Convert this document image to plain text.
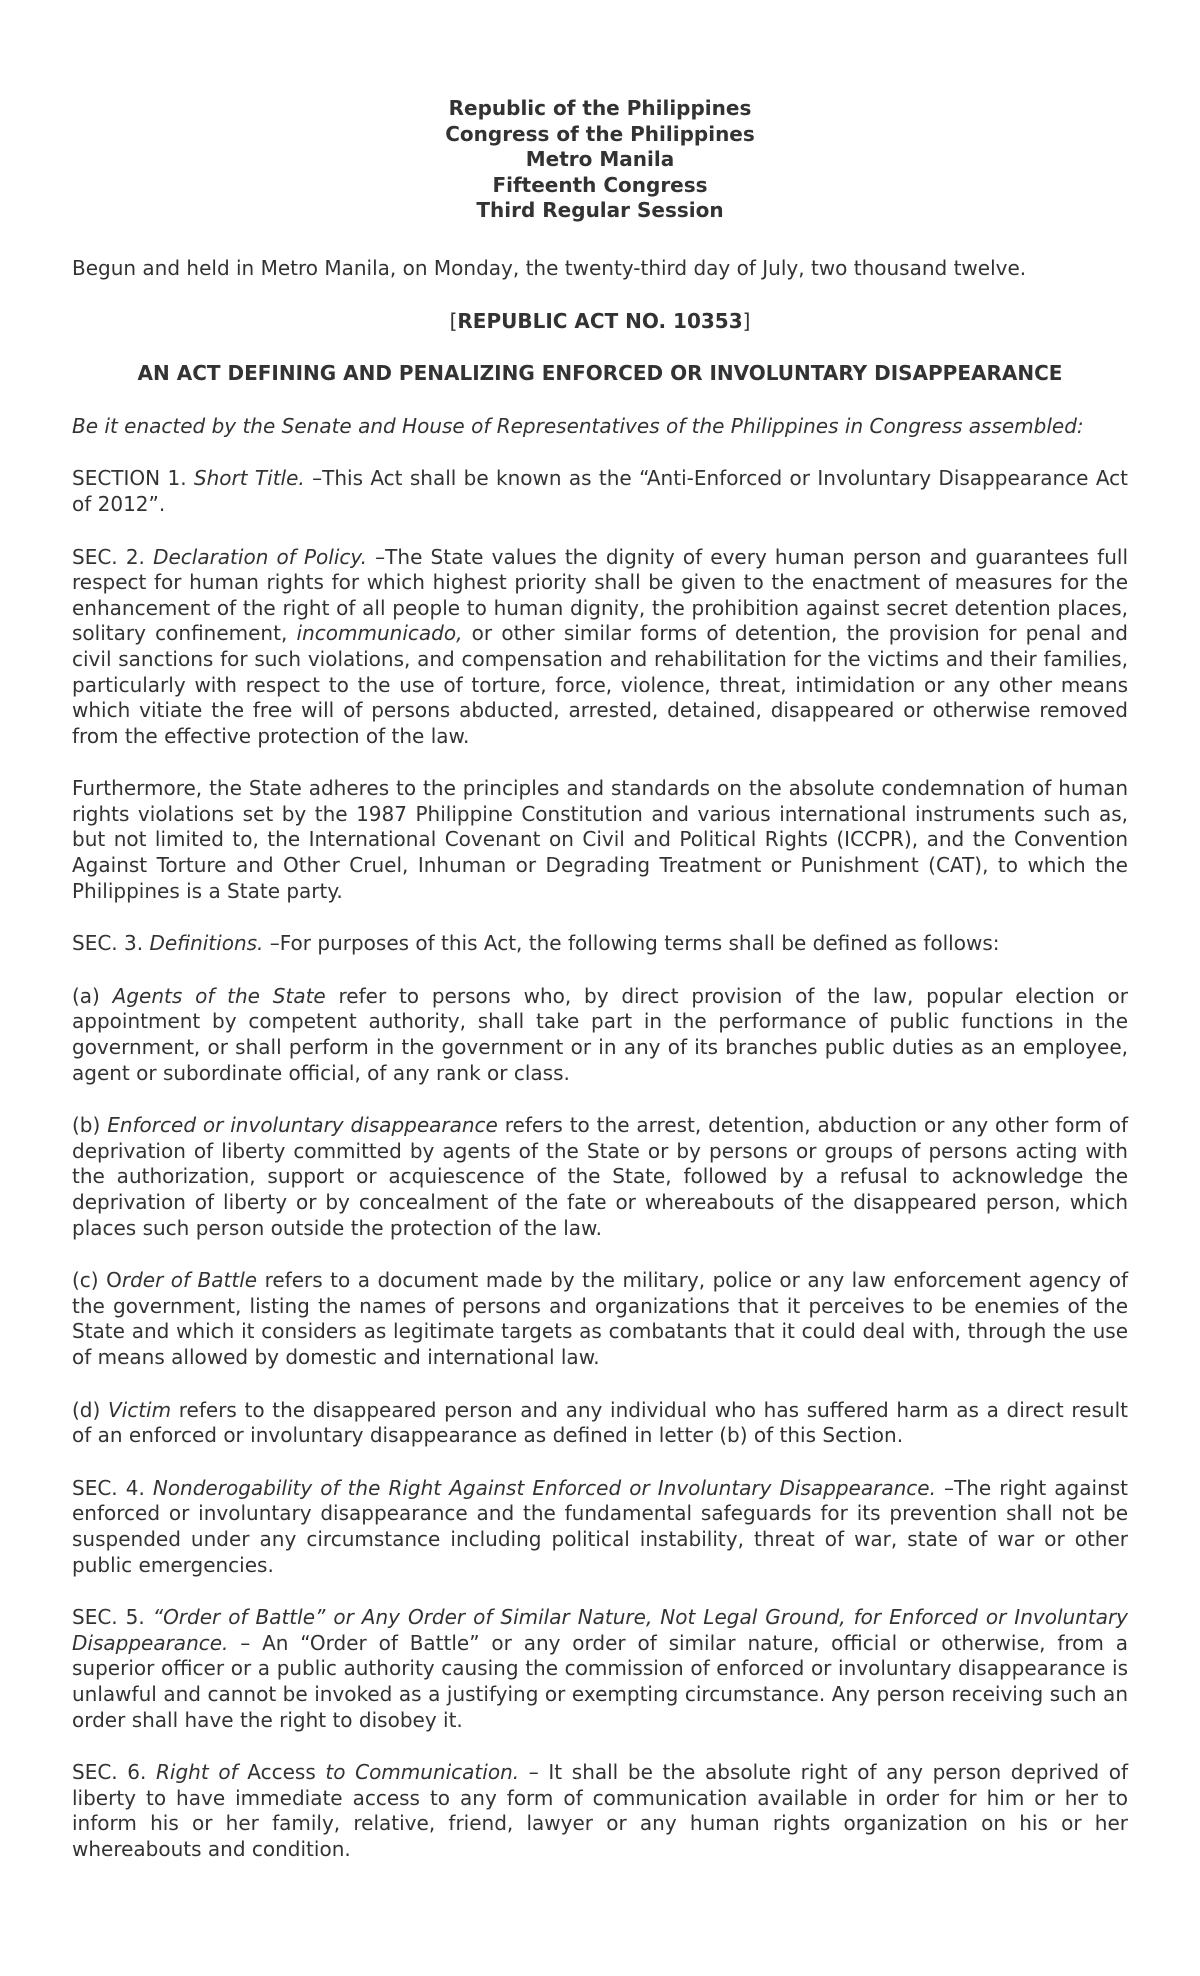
Republic of the Philippines
Congress of the Philippines
Metro Manila
Fifteenth Congress
Third Regular Session

Begun and held in Metro Manila, on Monday, the twenty-third day of July, two thousand twelve.

[REPUBLIC ACT NO. 10353]

AN ACT DEFINING AND PENALIZING ENFORCED OR INVOLUNTARY DISAPPEARANCE

Be it enacted by the Senate and House of Representatives of the Philippines in Congress assembled:

SECTION 1. Short Title. –This Act shall be known as the “Anti-Enforced or Involuntary Disappearance Act of 2012”.

SEC. 2. Declaration of Policy. –The State values the dignity of every human person and guarantees full respect for human rights for which highest priority shall be given to the enactment of measures for the enhancement of the right of all people to human dignity, the prohibition against secret detention places, solitary confinement, incommunicado, or other similar forms of detention, the provision for penal and civil sanctions for such violations, and compensation and rehabilitation for the victims and their families, particularly with respect to the use of torture, force, violence, threat, intimidation or any other means which vitiate the free will of persons abducted, arrested, detained, disappeared or otherwise removed from the effective protection of the law.

Furthermore, the State adheres to the principles and standards on the absolute condemnation of human rights violations set by the 1987 Philippine Constitution and various international instruments such as, but not limited to, the International Covenant on Civil and Political Rights (ICCPR), and the Convention Against Torture and Other Cruel, Inhuman or Degrading Treatment or Punishment (CAT), to which the Philippines is a State party.

SEC. 3. Definitions. –For purposes of this Act, the following terms shall be defined as follows:

(a) Agents of the State refer to persons who, by direct provision of the law, popular election or appointment by competent authority, shall take part in the performance of public functions in the government, or shall perform in the government or in any of its branches public duties as an employee, agent or subordinate official, of any rank or class.

(b) Enforced or involuntary disappearance refers to the arrest, detention, abduction or any other form of deprivation of liberty committed by agents of the State or by persons or groups of persons acting with the authorization, support or acquiescence of the State, followed by a refusal to acknowledge the deprivation of liberty or by concealment of the fate or whereabouts of the disappeared person, which places such person outside the protection of the law.

(c) Order of Battle refers to a document made by the military, police or any law enforcement agency of the government, listing the names of persons and organizations that it perceives to be enemies of the State and which it considers as legitimate targets as combatants that it could deal with, through the use of means allowed by domestic and international law.

(d) Victim refers to the disappeared person and any individual who has suffered harm as a direct result of an enforced or involuntary disappearance as defined in letter (b) of this Section.

SEC. 4. Nonderogability of the Right Against Enforced or Involuntary Disappearance. –The right against enforced or involuntary disappearance and the fundamental safeguards for its prevention shall not be suspended under any circumstance including political instability, threat of war, state of war or other public emergencies.

SEC. 5. “Order of Battle” or Any Order of Similar Nature, Not Legal Ground, for Enforced or Involuntary Disappearance. – An “Order of Battle” or any order of similar nature, official or otherwise, from a superior officer or a public authority causing the commission of enforced or involuntary disappearance is unlawful and cannot be invoked as a justifying or exempting circumstance. Any person receiving such an order shall have the right to disobey it.

SEC. 6. Right of Access to Communication. – It shall be the absolute right of any person deprived of liberty to have immediate access to any form of communication available in order for him or her to inform his or her family, relative, friend, lawyer or any human rights organization on his or her whereabouts and condition.
